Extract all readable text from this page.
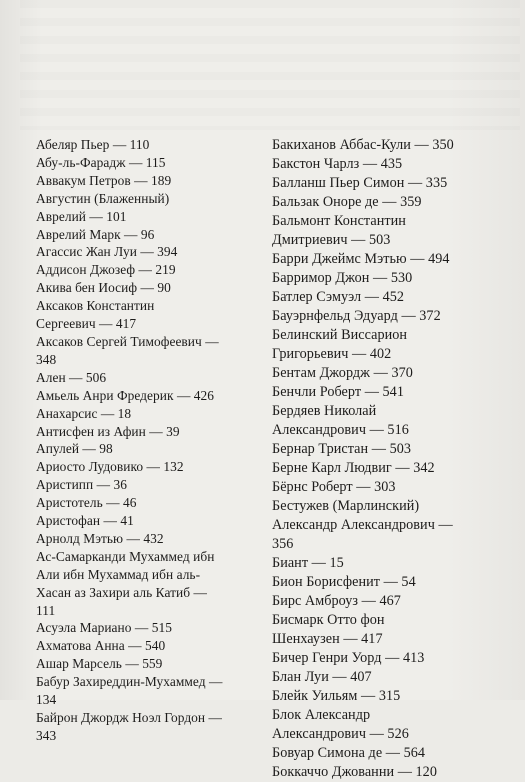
Абеляр Пьер — 110
Абу-ль-Фарадж — 115
Аввакум Петров — 189
Августин (Блаженный)
Аврелий — 101
Аврелий Марк — 96
Агассис Жан Луи — 394
Аддисон Джозеф — 219
Акива бен Иосиф — 90
Аксаков Константин
Сергеевич — 417
Аксаков Сергей Тимофеевич —
348
Ален — 506
Амьель Анри Фредерик — 426
Анахарсис — 18
Антисфен из Афин — 39
Апулей — 98
Ариосто Лудовико — 132
Аристипп — 36
Аристотель — 46
Аристофан — 41
Арнолд Мэтью — 432
Ас-Самарканди Мухаммед ибн
Али ибн Мухаммад ибн аль-
Хасан аз Захири аль Катиб —
111
Асуэла Мариано — 515
Ахматова Анна — 540
Ашар Марсель — 559
Бабур Захиреддин-Мухаммед —
134
Байрон Джордж Ноэл Гордон —
343
Бакиханов Аббас-Кули — 350
Бакстон Чарлз — 435
Балланш Пьер Симон — 335
Бальзак Оноре де — 359
Бальмонт Константин
Дмитриевич — 503
Барри Джеймс Мэтью — 494
Барримор Джон — 530
Батлер Сэмуэл — 452
Бауэрнфельд Эдуард — 372
Белинский Виссарион
Григорьевич — 402
Бентам Джордж — 370
Бенчли Роберт — 541
Бердяев Николай
Александрович — 516
Бернар Тристан — 503
Берне Карл Людвиг — 342
Бёрнс Роберт — 303
Бестужев (Марлинский)
Александр Александрович —
356
Биант — 15
Бион Борисфенит — 54
Бирс Амброуз — 467
Бисмарк Отто фон
Шенхаузен — 417
Бичер Генри Уорд — 413
Блан Луи — 407
Блейк Уильям — 315
Блок Александр
Александрович — 526
Бовуар Симона де — 564
Боккаччо Джованни — 120
